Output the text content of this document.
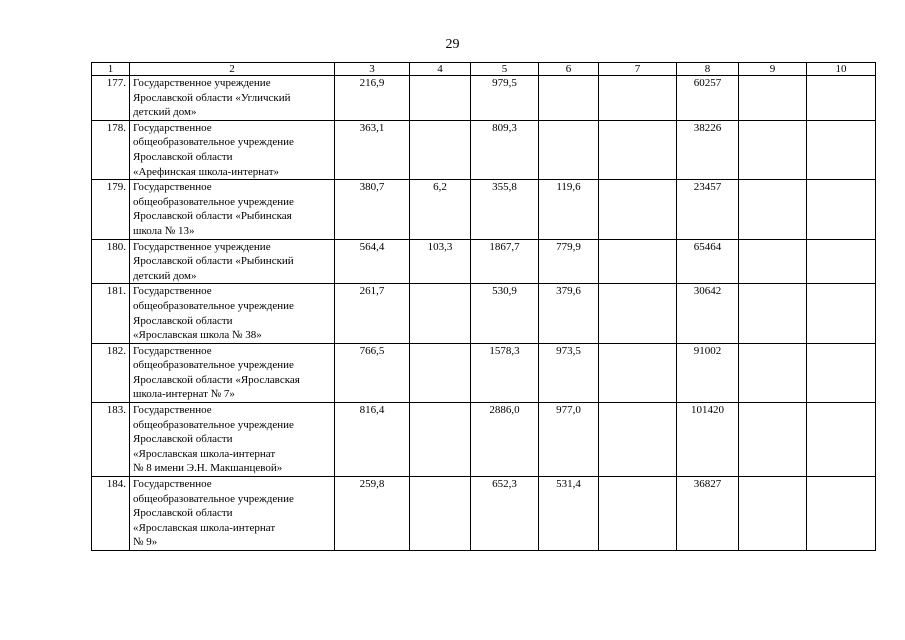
29
1	2	3	4	5	6	7	8	9	10
177.	Государственное учреждение
Ярославской области «Угличский
детский дом»	216,9		979,5			60257		
178.	Государственное
общеобразовательное учреждение
Ярославской области
«Арефинская школа-интернат»	363,1		809,3			38226		
179.	Государственное
общеобразовательное учреждение
Ярославской области «Рыбинская
школа № 13»	380,7	6,2	355,8	119,6		23457		
180.	Государственное учреждение
Ярославской области «Рыбинский
детский дом»	564,4	103,3	1867,7	779,9		65464		
181.	Государственное
общеобразовательное учреждение
Ярославской области
«Ярославская школа № 38»	261,7		530,9	379,6		30642		
182.	Государственное
общеобразовательное учреждение
Ярославской области «Ярославская
школа-интернат № 7»	766,5		1578,3	973,5		91002		
183.	Государственное
общеобразовательное учреждение
Ярославской области
«Ярославская школа-интернат
№ 8 имени Э.Н. Макшанцевой»	816,4		2886,0	977,0		101420		
184.	Государственное
общеобразовательное учреждение
Ярославской области
«Ярославская школа-интернат
№ 9»	259,8		652,3	531,4		36827		
